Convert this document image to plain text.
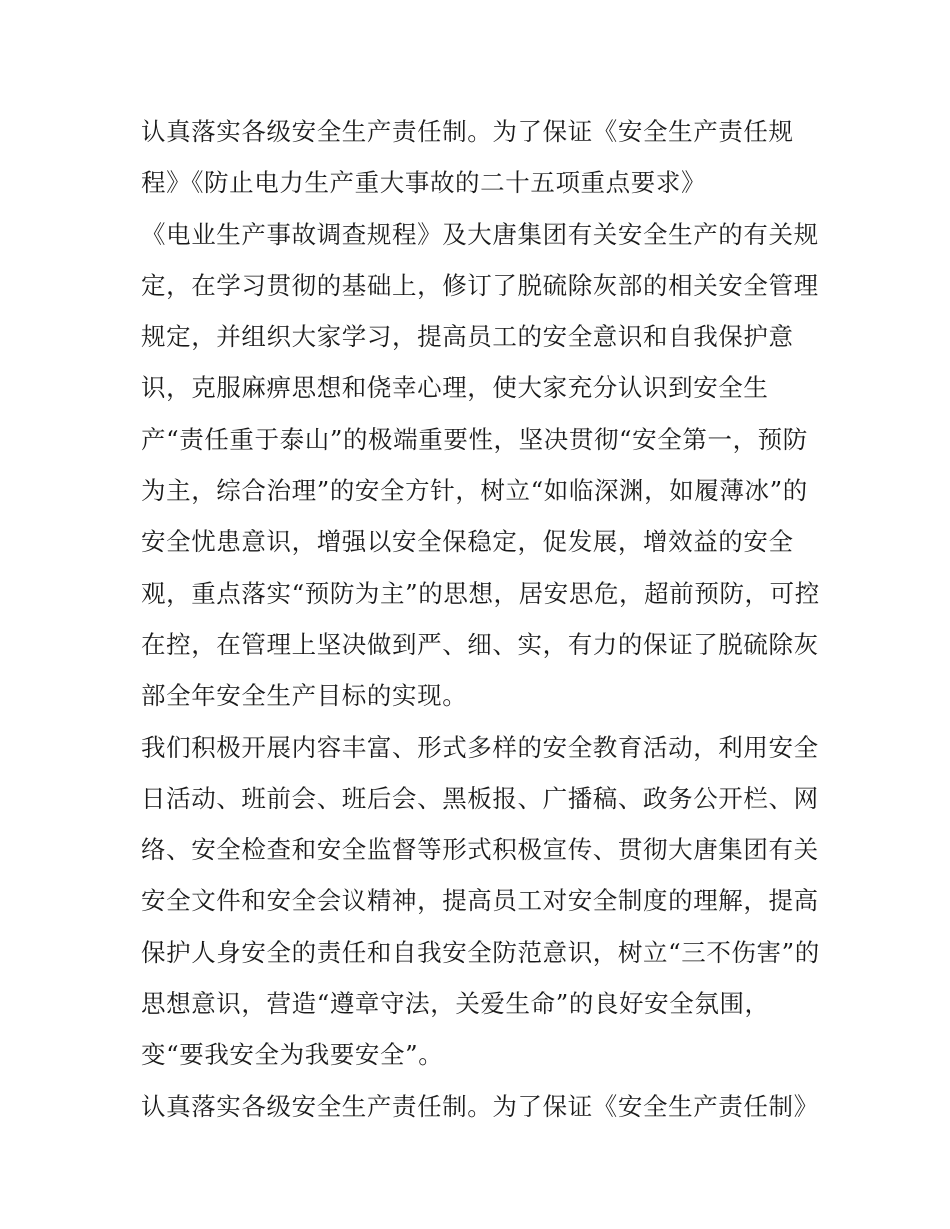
认真落实各级安全生产责任制。为了保证《安全生产责任规
程》《防止电力生产重大事故的二十五项重点要求》
《电业生产事故调查规程》及大唐集团有关安全生产的有关规
定，在学习贯彻的基础上，修订了脱硫除灰部的相关安全管理
规定，并组织大家学习，提高员工的安全意识和自我保护意
识，克服麻痹思想和侥幸心理，使大家充分认识到安全生
产“责任重于泰山”的极端重要性，坚决贯彻“安全第一，预防
为主，综合治理”的安全方针，树立“如临深渊，如履薄冰”的
安全忧患意识，增强以安全保稳定，促发展，增效益的安全
观，重点落实“预防为主”的思想，居安思危，超前预防，可控
在控，在管理上坚决做到严、细、实，有力的保证了脱硫除灰
部全年安全生产目标的实现。
我们积极开展内容丰富、形式多样的安全教育活动，利用安全
日活动、班前会、班后会、黑板报、广播稿、政务公开栏、网
络、安全检查和安全监督等形式积极宣传、贯彻大唐集团有关
安全文件和安全会议精神，提高员工对安全制度的理解，提高
保护人身安全的责任和自我安全防范意识，树立“三不伤害”的
思想意识，营造“遵章守法，关爱生命”的良好安全氛围，
变“要我安全为我要安全”。
认真落实各级安全生产责任制。为了保证《安全生产责任制》
